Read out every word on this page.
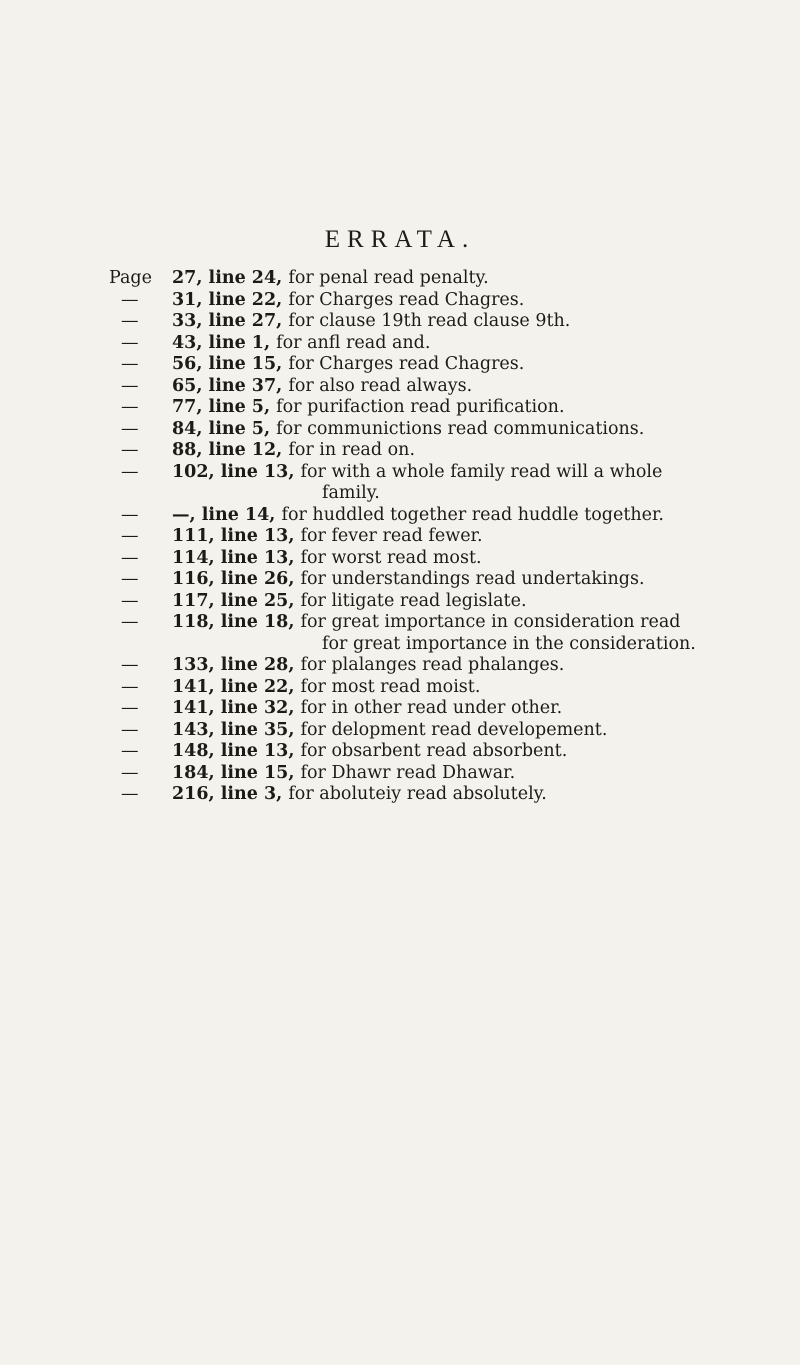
ERRATA.
Page	27, line 24, for penal read penalty.
—	31, line 22, for Charges read Chagres.
—	33, line 27, for clause 19th read clause 9th.
—	43, line 1, for anfl read and.
—	56, line 15, for Charges read Chagres.
—	65, line 37, for also read always.
—	77, line 5, for purifaction read purification.
—	84, line 5, for communictions read communications.
—	88, line 12, for in read on.
—	102, line 13, for with a whole family read will a whole
family.
—	—, line 14, for huddled together read huddle together.
—	111, line 13, for fever read fewer.
—	114, line 13, for worst read most.
—	116, line 26, for understandings read undertakings.
—	117, line 25, for litigate read legislate.
—	118, line 18, for great importance in consideration read
for great importance in the consideration.
—	133, line 28, for plalanges read phalanges.
—	141, line 22, for most read moist.
—	141, line 32, for in other read under other.
—	143, line 35, for delopment read developement.
—	148, line 13, for obsarbent read absorbent.
—	184, line 15, for Dhawr read Dhawar.
—	216, line 3, for aboluteiy read absolutely.
